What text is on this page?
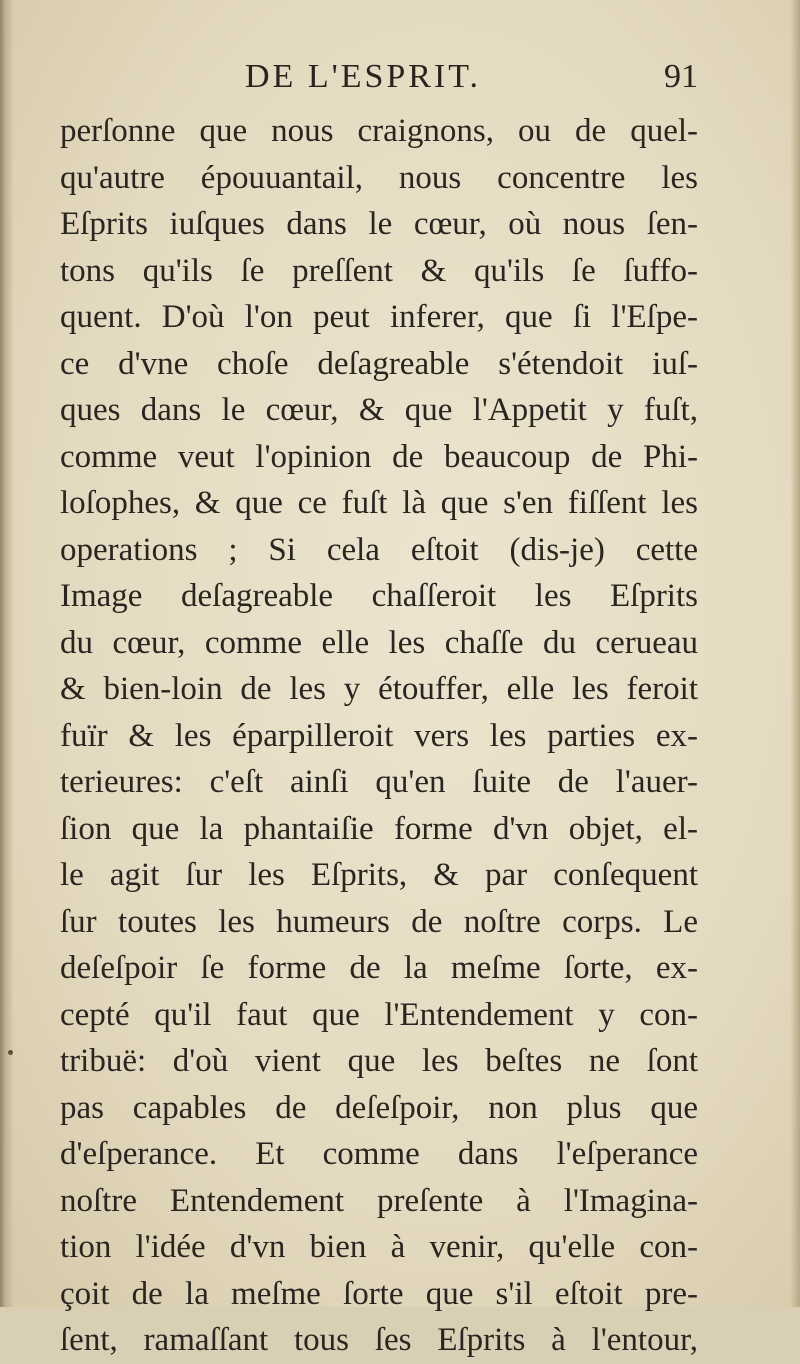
DE L'ESPRIT.	91
perſonne que nous craignons, ou de quel-
qu'autre épouuantail, nous concentre les
Eſprits iuſques dans le cœur, où nous ſen-
tons qu'ils ſe preſſent & qu'ils ſe ſuffo-
quent. D'où l'on peut inferer, que ſi l'Eſpe-
ce d'vne choſe deſagreable s'étendoit iuſ-
ques dans le cœur, & que l'Appetit y fuſt,
comme veut l'opinion de beaucoup de Phi-
loſophes, & que ce fuſt là que s'en fiſſent les
operations ; Si cela eſtoit (dis-je) cette
Image deſagreable chaſſeroit les Eſprits
du cœur, comme elle les chaſſe du cerueau
& bien-loin de les y étouffer, elle les feroit
fuïr & les éparpilleroit vers les parties ex-
terieures: c'eſt ainſi qu'en ſuite de l'auer-
ſion que la phantaiſie forme d'vn objet, el-
le agit ſur les Eſprits, & par conſequent
ſur toutes les humeurs de noſtre corps. Le
deſeſpoir ſe forme de la meſme ſorte, ex-
cepté qu'il faut que l'Entendement y con-
tribuë: d'où vient que les beſtes ne ſont
pas capables de deſeſpoir, non plus que
d'eſperance. Et comme dans l'eſperance
noſtre Entendement preſente à l'Imagina-
tion l'idée d'vn bien à venir, qu'elle con-
çoit de la meſme ſorte que s'il eſtoit pre-
ſent, ramaſſant tous ſes Eſprits à l'entour,
